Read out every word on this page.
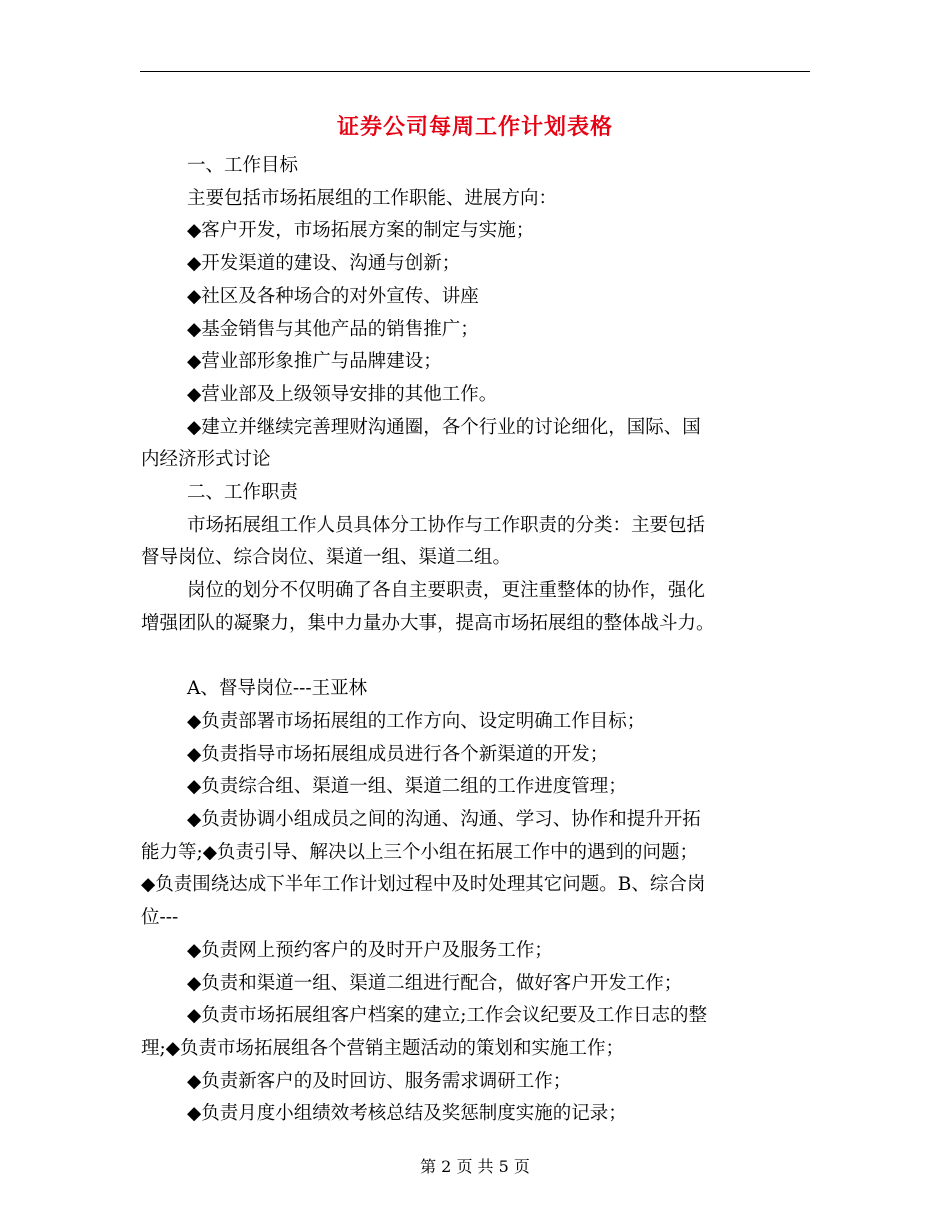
证券公司每周工作计划表格

一、工作目标

主要包括市场拓展组的工作职能、进展方向：

◆客户开发，市场拓展方案的制定与实施；

◆开发渠道的建设、沟通与创新；

◆社区及各种场合的对外宣传、讲座

◆基金销售与其他产品的销售推广；

◆营业部形象推广与品牌建设；

◆营业部及上级领导安排的其他工作。

◆建立并继续完善理财沟通圈，各个行业的讨论细化，国际、国

内经济形式讨论

二、工作职责

市场拓展组工作人员具体分工协作与工作职责的分类：主要包括

督导岗位、综合岗位、渠道一组、渠道二组。

岗位的划分不仅明确了各自主要职责，更注重整体的协作，强化

增强团队的凝聚力，集中力量办大事，提高市场拓展组的整体战斗力。

A、督导岗位---王亚林

◆负责部署市场拓展组的工作方向、设定明确工作目标；

◆负责指导市场拓展组成员进行各个新渠道的开发；

◆负责综合组、渠道一组、渠道二组的工作进度管理；

◆负责协调小组成员之间的沟通、沟通、学习、协作和提升开拓

能力等;◆负责引导、解决以上三个小组在拓展工作中的遇到的问题；

◆负责围绕达成下半年工作计划过程中及时处理其它问题。B、综合岗

位---

◆负责网上预约客户的及时开户及服务工作；

◆负责和渠道一组、渠道二组进行配合，做好客户开发工作；

◆负责市场拓展组客户档案的建立;工作会议纪要及工作日志的整

理;◆负责市场拓展组各个营销主题活动的策划和实施工作；

◆负责新客户的及时回访、服务需求调研工作；

◆负责月度小组绩效考核总结及奖惩制度实施的记录；

第 2 页 共 5 页
